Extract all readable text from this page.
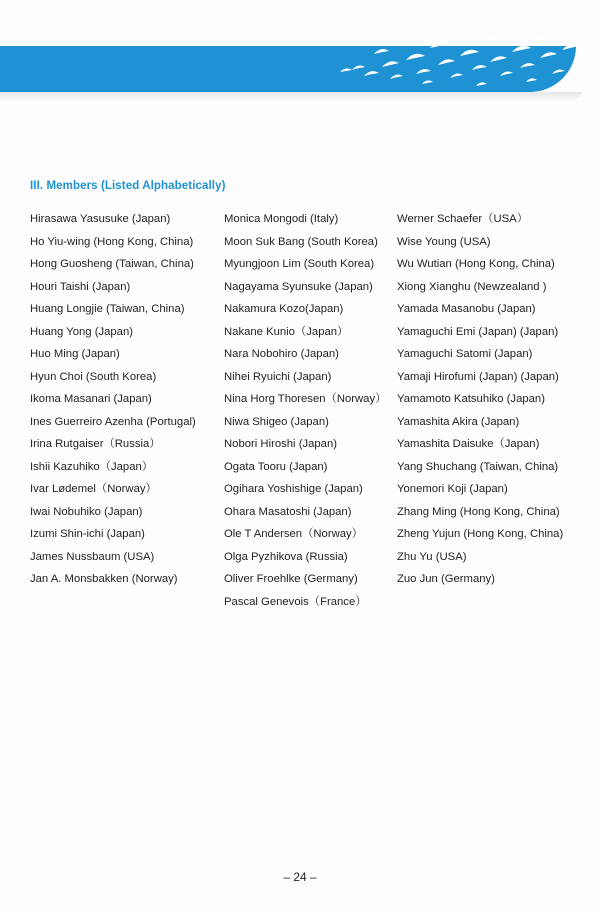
III. Members (Listed Alphabetically)
Hirasawa Yasusuke (Japan)
Ho Yiu-wing (Hong Kong, China)
Hong Guosheng (Taiwan, China)
Houri Taishi (Japan)
Huang Longjie (Taiwan, China)
Huang Yong (Japan)
Huo Ming (Japan)
Hyun Choi (South Korea)
Ikoma Masanari (Japan)
Ines Guerreiro Azenha (Portugal)
Irina Rutgaiser（Russia）
Ishii Kazuhiko（Japan）
Ivar Lødemel（Norway）
Iwai Nobuhiko (Japan)
Izumi Shin-ichi (Japan)
James Nussbaum (USA)
Jan A. Monsbakken (Norway)
Monica Mongodi (Italy)
Moon Suk Bang (South Korea)
Myungjoon Lim (South Korea)
Nagayama Syunsuke (Japan)
Nakamura Kozo(Japan)
Nakane Kunio（Japan）
Nara Nobohiro (Japan)
Nihei Ryuichi (Japan)
Nina Horg Thoresen（Norway）
Niwa Shigeo (Japan)
Nobori Hiroshi (Japan)
Ogata Tooru (Japan)
Ogihara Yoshishige (Japan)
Ohara Masatoshi (Japan)
Ole T Andersen（Norway）
Olga Pyzhikova (Russia)
Oliver Froehlke (Germany)
Pascal Genevois（France）
Werner Schaefer（USA）
Wise Young (USA)
Wu Wutian (Hong Kong, China)
Xiong Xianghu (Newzealand )
Yamada Masanobu (Japan)
Yamaguchi Emi (Japan) (Japan)
Yamaguchi Satomi (Japan)
Yamaji Hirofumi (Japan) (Japan)
Yamamoto Katsuhiko (Japan)
Yamashita Akira (Japan)
Yamashita Daisuke（Japan)
Yang Shuchang (Taiwan, China)
Yonemori Koji (Japan)
Zhang Ming (Hong Kong, China)
Zheng Yujun (Hong Kong, China)
Zhu Yu (USA)
Zuo Jun (Germany)
– 24 –
